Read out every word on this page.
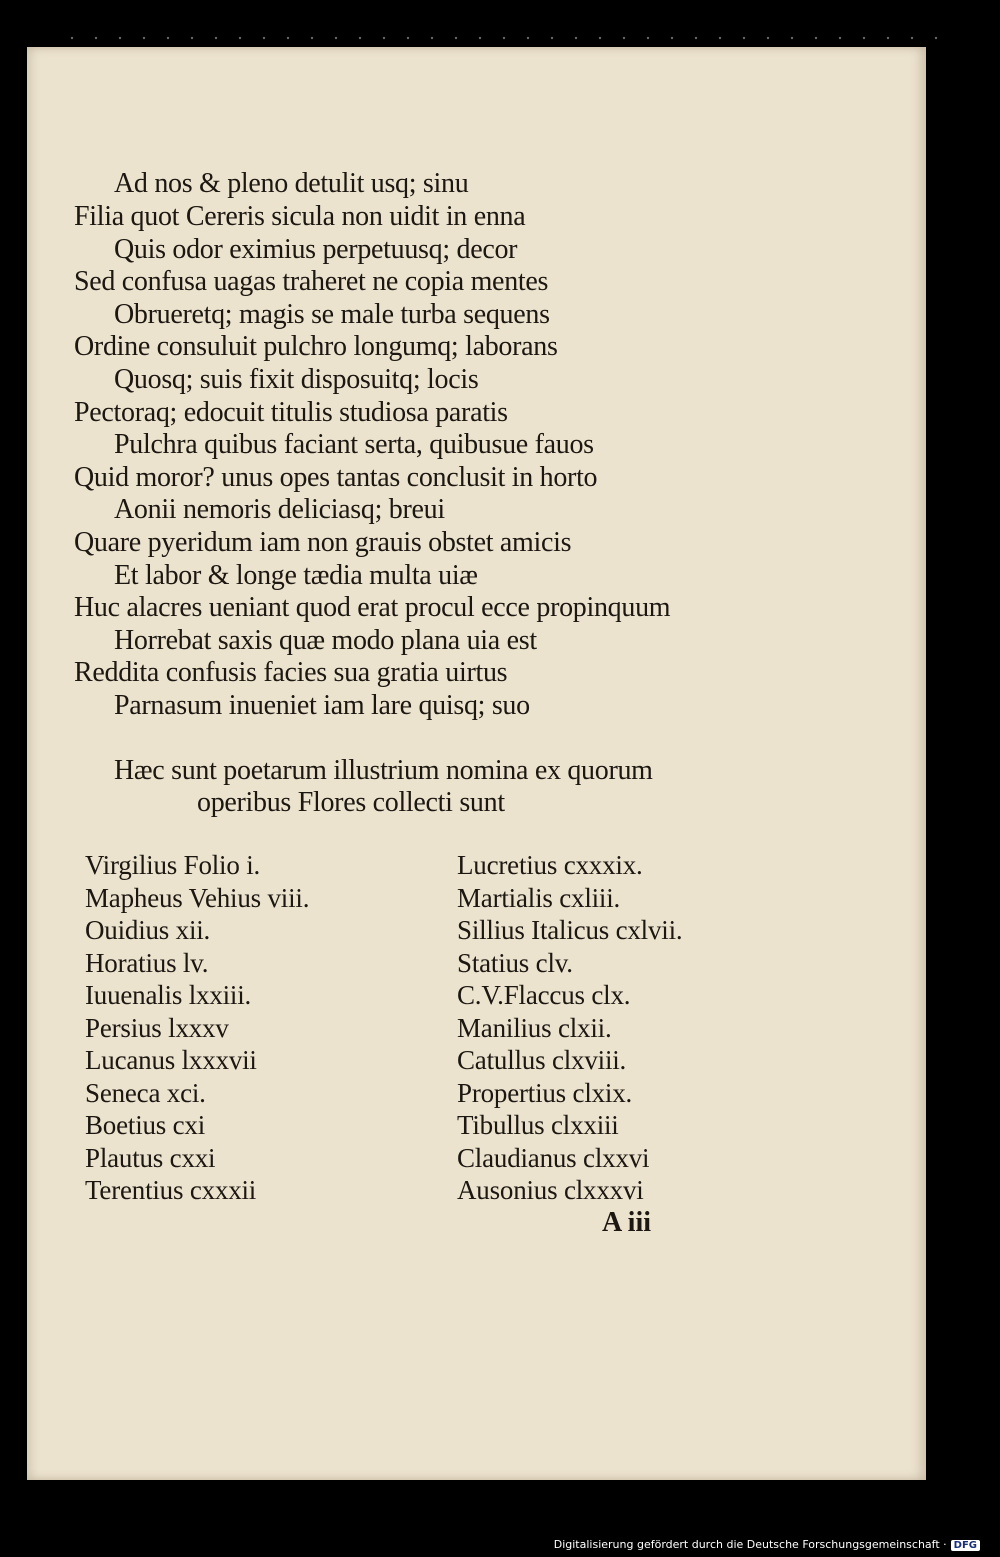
Ad nos & pleno detulit usq; sinu
Filia quot Cereris sicula non uidit in enna
Quis odor eximius perpetuusq; decor
Sed confusa uagas traheret ne copia mentes
Obrueretq; magis se male turba sequens
Ordine consuluit pulchro longumq; laborans
Quosq; suis fixit disposuitq; locis
Pectoraq; edocuit titulis studiosa paratis
Pulchra quibus faciant serta, quibusue fauos
Quid moror? unus opes tantas conclusit in horto
Aonii nemoris deliciasq; breui
Quare pyeridum iam non grauis obstet amicis
Et labor & longe tædia multa uiæ
Huc alacres ueniant quod erat procul ecce propinquum
Horrebat saxis quæ modo plana uia est
Reddita confusis facies sua gratia uirtus
Parnasum inueniet iam lare quisq; suo
Hæc sunt poetarum illustrium nomina ex quorum
operibus Flores collecti sunt
Virgilius Folio i.
Mapheus Vehius viii.
Ouidius xii.
Horatius lv.
Iuuenalis lxxiii.
Persius lxxxv
Lucanus lxxxvii
Seneca xci.
Boetius cxi
Plautus cxxi
Terentius cxxxii
Lucretius cxxxix.
Martialis cxliii.
Sillius Italicus cxlvii.
Statius clv.
C.V.Flaccus clx.
Manilius clxii.
Catullus clxviii.
Propertius clxix.
Tibullus clxxiii
Claudianus clxxvi
Ausonius clxxxvi
A iii
Digitalisierung gefördert durch die Deutsche Forschungsgemeinschaft · DFG
